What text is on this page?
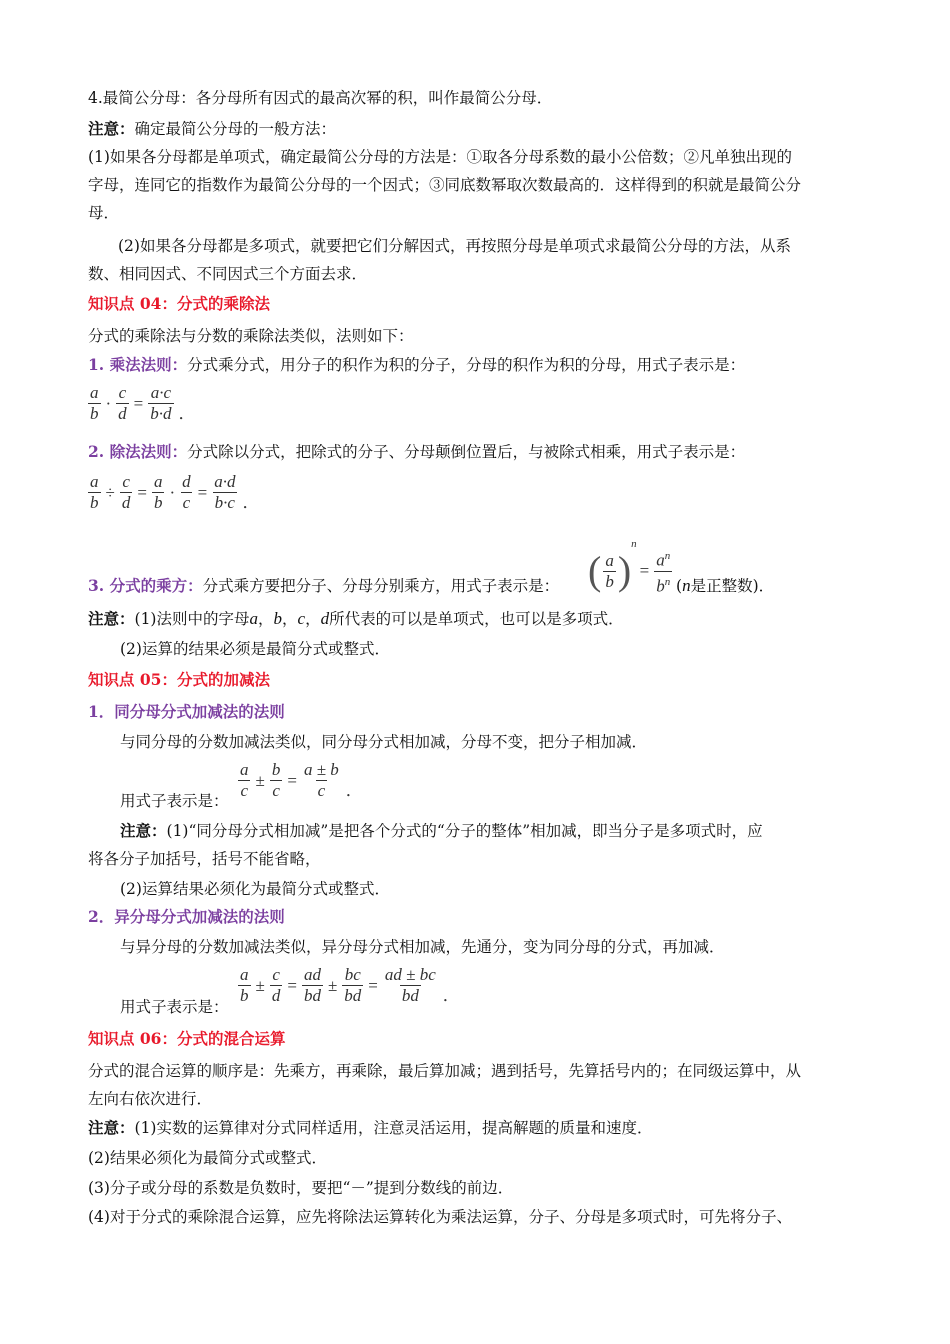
4.最简公分母：各分母所有因式的最高次幂的积，叫作最简公分母．
注意：确定最简公分母的一般方法：
(1)如果各分母都是单项式，确定最简公分母的方法是：①取各分母系数的最小公倍数；②凡单独出现的
字母，连同它的指数作为最简公分母的一个因式；③同底数幂取次数最高的．这样得到的积就是最简公分
母．
(2)如果各分母都是多项式，就要把它们分解因式，再按照分母是单项式求最简公分母的方法，从系
数、相同因式、不同因式三个方面去求．
知识点 04：分式的乘除法
分式的乘除法与分数的乘除法类似，法则如下：
1. 乘法法则：分式乘分式，用分子的积作为积的分子，分母的积作为积的分母，用式子表示是：
$\frac{a}{b} \cdot \frac{c}{d} = \frac{a\cdot c}{b\cdot d}$ ．
2. 除法法则：分式除以分式，把除式的分子、分母颠倒位置后，与被除式相乘，用式子表示是：
$\frac{a}{b} \div \frac{c}{d} = \frac{a}{b} \cdot \frac{d}{c} = \frac{a\cdot d}{b\cdot c}$ ．
( $\frac{a}{b} )^n= \frac{a^n}{b^n}$
3. 分式的乘方：分式乘方要把分子、分母分别乘方，用式子表示是：	(n是正整数)．
注意：(1)法则中的字母a，b，c，d所代表的可以是单项式，也可以是多项式．
(2)运算的结果必须是最简分式或整式．
知识点 05：分式的加减法
1．同分母分式加减法的法则
与同分母的分数加减法类似，同分母分式相加减，分母不变，把分子相加减．
$\frac{a}{c} \pm \frac{b}{c} = \frac{a \pm b}{c}$ ．
用式子表示是：
注意：(1)“同分母分式相加减”是把各个分式的“分子的整体”相加减，即当分子是多项式时，应
将各分子加括号，括号不能省略，
(2)运算结果必须化为最简分式或整式．
2．异分母分式加减法的法则
与异分母的分数加减法类似，异分母分式相加减，先通分，变为同分母的分式，再加减．
$\frac{a}{b} \pm \frac{c}{d} = \frac{ad}{bd} \pm \frac{bc}{bd} = \frac{ad \pm bc}{bd}$ ．
用式子表示是：
知识点 06：分式的混合运算
分式的混合运算的顺序是：先乘方，再乘除，最后算加减；遇到括号，先算括号内的；在同级运算中，从
左向右依次进行．
注意：(1)实数的运算律对分式同样适用，注意灵活运用，提高解题的质量和速度．
(2)结果必须化为最简分式或整式．
(3)分子或分母的系数是负数时，要把“－”提到分数线的前边．
(4)对于分式的乘除混合运算，应先将除法运算转化为乘法运算，分子、分母是多项式时，可先将分子、
